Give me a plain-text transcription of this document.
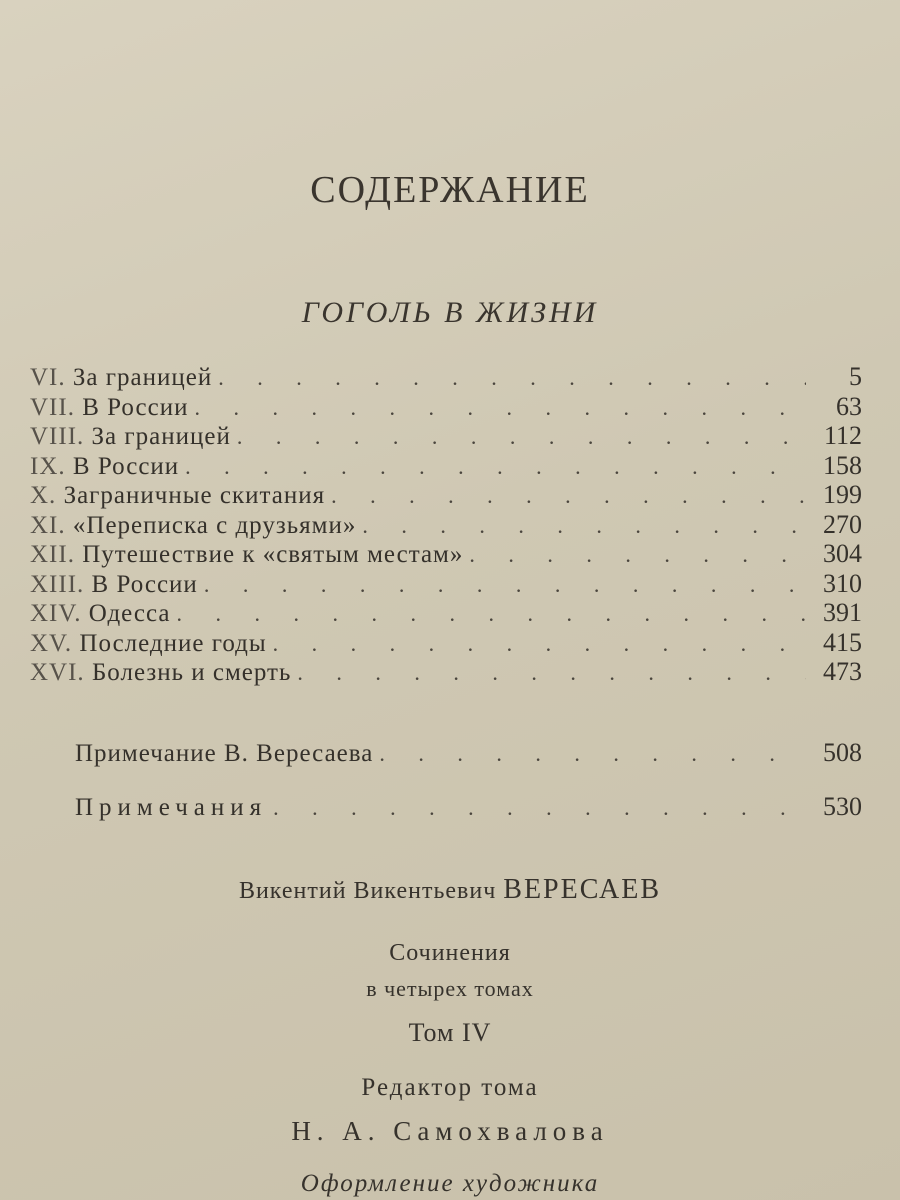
СОДЕРЖАНИЕ
ГОГОЛЬ В ЖИЗНИ
VI. За границей . . .	5
VII. В России . . .	63
VIII. За границей . . .	112
IX. В России . . .	158
X. Заграничные скитания . . .	199
XI. «Переписка с друзьями» . . .	270
XII. Путешествие к «святым местам» . . .	304
XIII. В России . . .	310
XIV. Одесса . . .	391
XV. Последние годы . . .	415
XVI. Болезнь и смерть . . .	473
Примечание В. Вересаева . . .	508
Примечания . . .	530
Викентий Викентьевич ВЕРЕСАЕВ
Сочинения
в четырех томах
Том IV
Редактор тома
Н. А. Самохвалова
Оформление художника
